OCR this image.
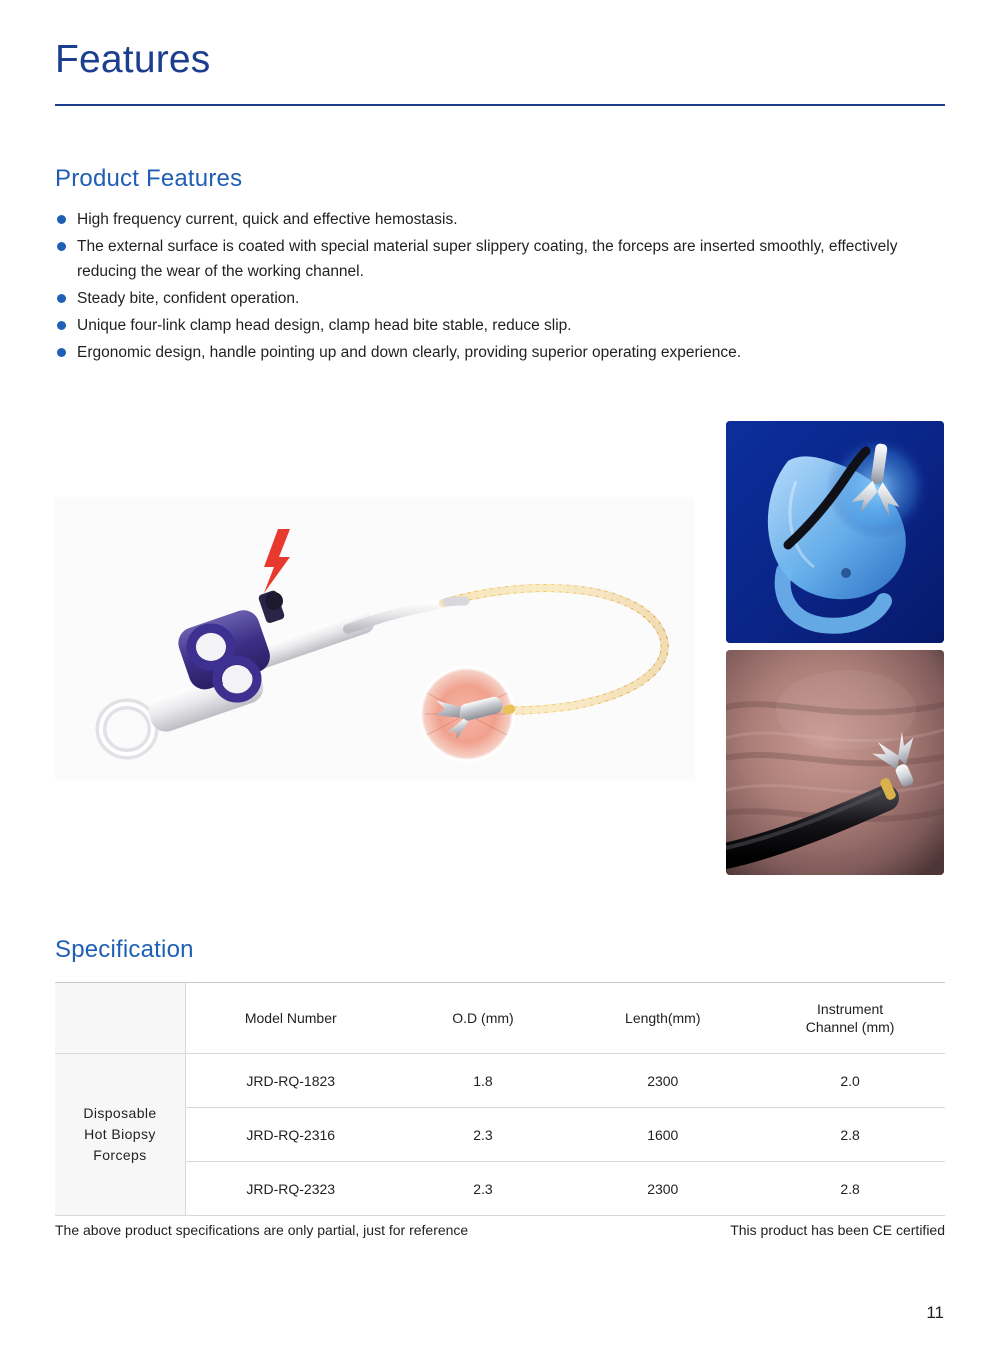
Features
Product Features
High frequency current, quick and effective hemostasis.
The external surface is coated with special material super slippery coating, the forceps are inserted smoothly, effectively reducing the wear of the working channel.
Steady bite, confident operation.
Unique four-link clamp head design, clamp head bite stable, reduce slip.
Ergonomic design, handle pointing up and down clearly, providing superior operating experience.
Specification
	Model Number	O.D (mm)	Length(mm)	Instrument
Channel (mm)

Disposable
Hot Biopsy
Forceps	JRD-RQ-1823	1.8	2300	2.0
	JRD-RQ-2316	2.3	1600	2.8
	JRD-RQ-2323	2.3	2300	2.8
The above product specifications are only partial, just for reference	This product has been CE certified
11
